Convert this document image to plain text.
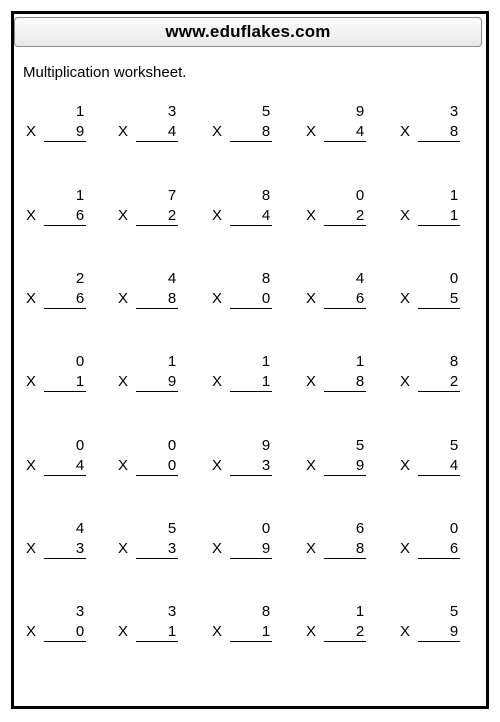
www.eduflakes.com
Multiplication worksheet.
1
X	9
3
X	4
5
X	8
9
X	4
3
X	8
1
X	6
7
X	2
8
X	4
0
X	2
1
X	1
2
X	6
4
X	8
8
X	0
4
X	6
0
X	5
0
X	1
1
X	9
1
X	1
1
X	8
8
X	2
0
X	4
0
X	0
9
X	3
5
X	9
5
X	4
4
X	3
5
X	3
0
X	9
6
X	8
0
X	6
3
X	0
3
X	1
8
X	1
1
X	2
5
X	9
